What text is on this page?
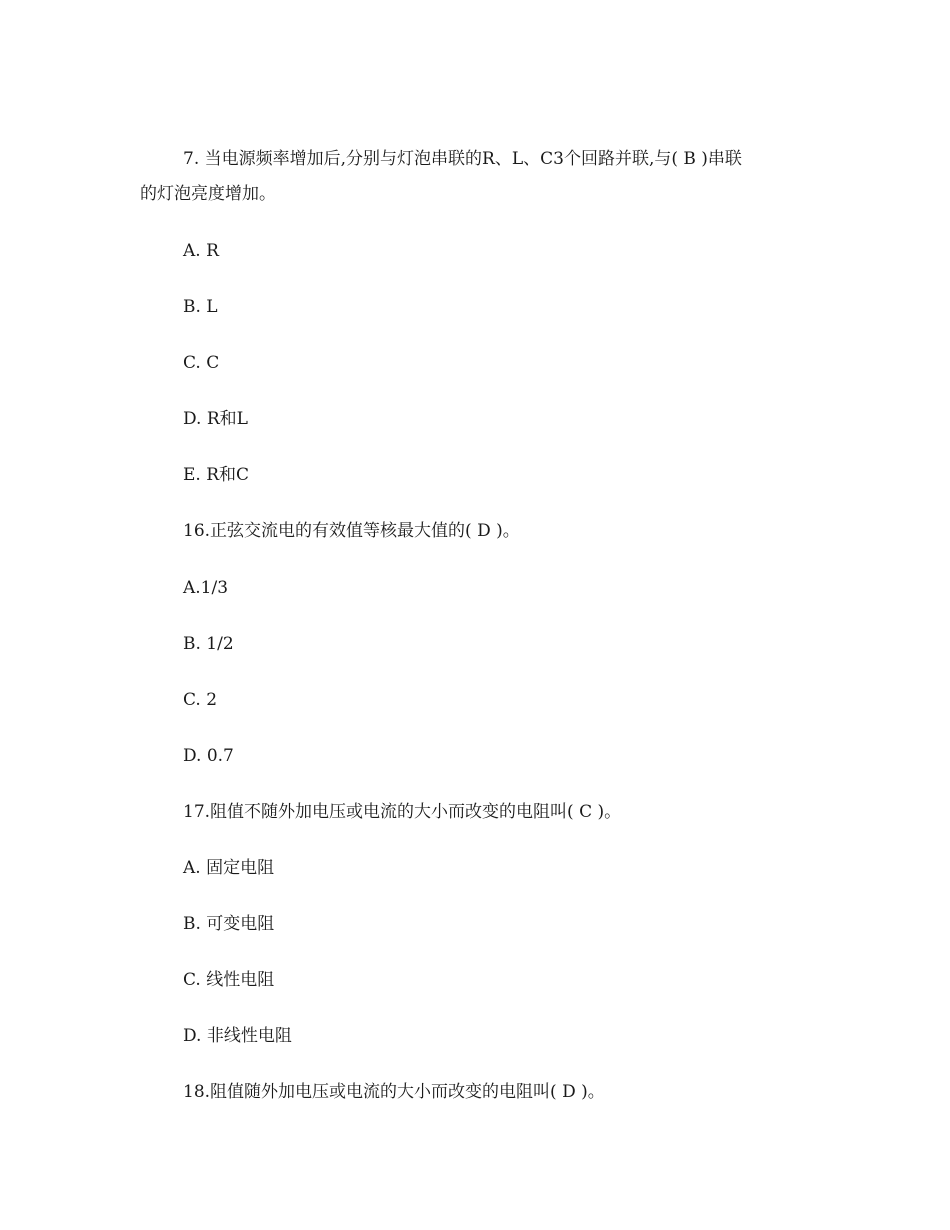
7. 当电源频率增加后,分别与灯泡串联的R、L、C3个回路并联,与( B )串联
的灯泡亮度增加。
A. R
B. L
C. C
D. R和L
E. R和C
16.正弦交流电的有效值等核最大值的( D )。
A.1/3
B. 1/2
C. 2
D. 0.7
17.阻值不随外加电压或电流的大小而改变的电阻叫( C )。
A. 固定电阻
B. 可变电阻
C. 线性电阻
D. 非线性电阻
18.阻值随外加电压或电流的大小而改变的电阻叫( D )。
